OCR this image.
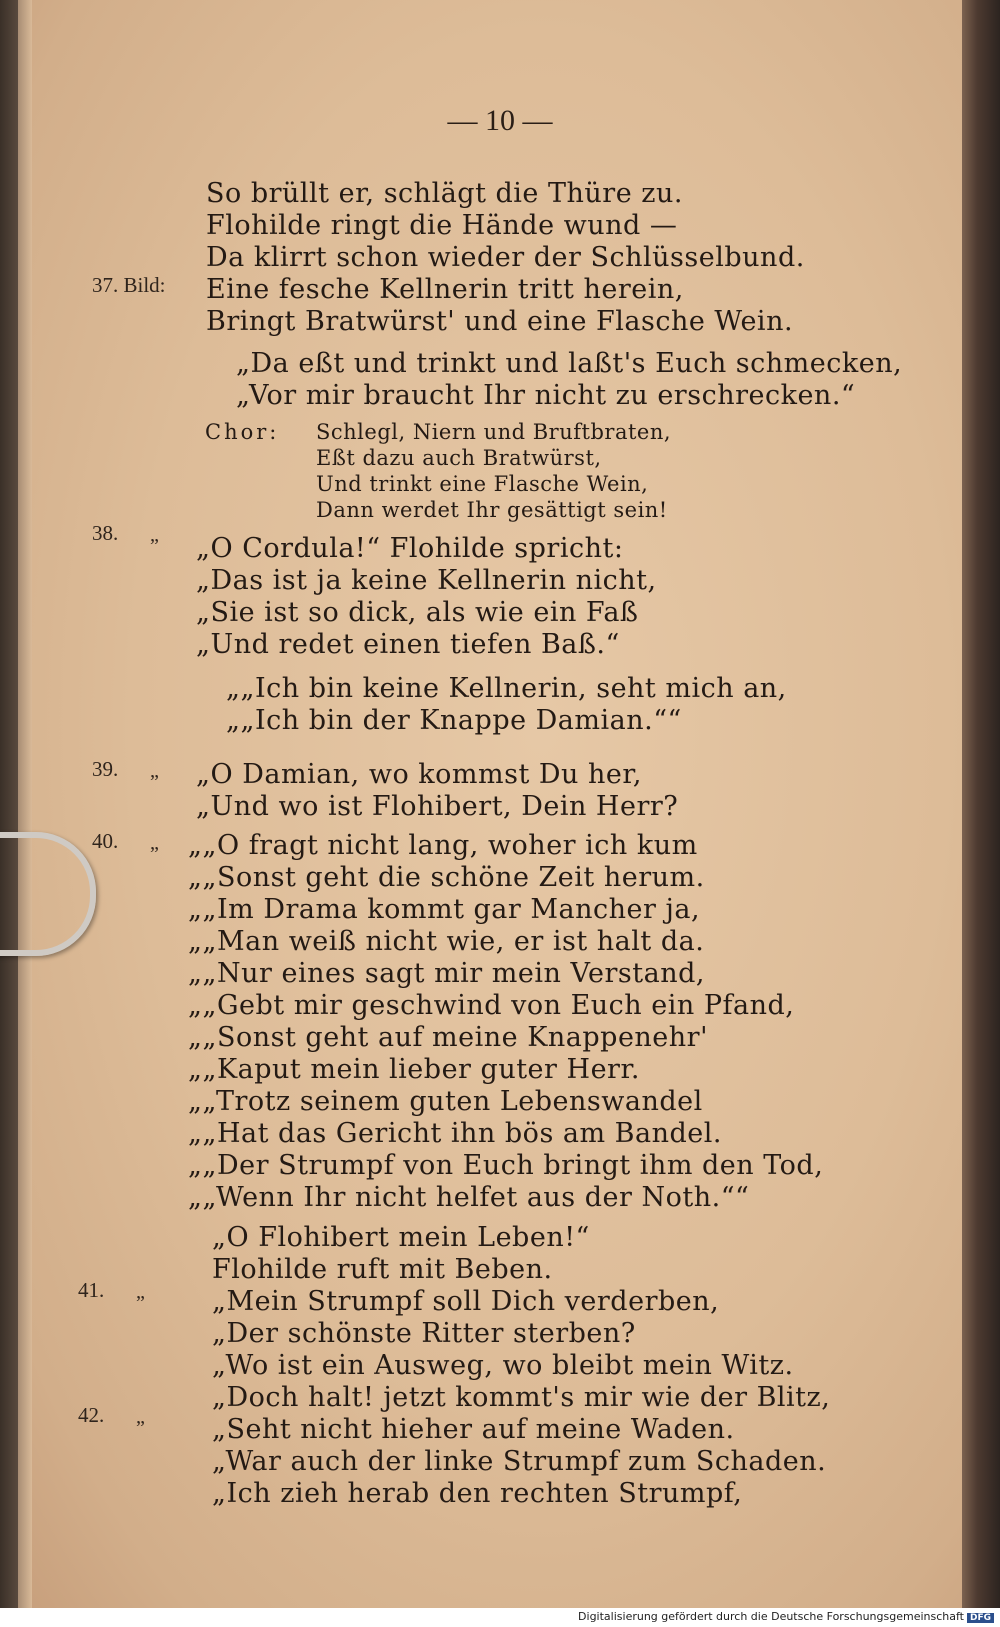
— 10 —
37. Bild:
38. „
39. „
40. „
41. „
42. „
Chor:
So brüllt er, schlägt die Thüre zu.
Flohilde ringt die Hände wund —
Da klirrt schon wieder der Schlüsselbund.
Eine fesche Kellnerin tritt herein,
Bringt Bratwürst' und eine Flasche Wein.
„Da eßt und trinkt und laßt's Euch schmecken,
„Vor mir braucht Ihr nicht zu erschrecken.“
Schlegl, Niern und Bruftbraten,
Eßt dazu auch Bratwürst,
Und trinkt eine Flasche Wein,
Dann werdet Ihr gesättigt sein!
„O Cordula!“ Flohilde spricht:
„Das ist ja keine Kellnerin nicht,
„Sie ist so dick, als wie ein Faß
„Und redet einen tiefen Baß.“
„„Ich bin keine Kellnerin, seht mich an,
„„Ich bin der Knappe Damian.““
„O Damian, wo kommst Du her,
„Und wo ist Flohibert, Dein Herr?
„„O fragt nicht lang, woher ich kum
„„Sonst geht die schöne Zeit herum.
„„Im Drama kommt gar Mancher ja,
„„Man weiß nicht wie, er ist halt da.
„„Nur eines sagt mir mein Verstand,
„„Gebt mir geschwind von Euch ein Pfand,
„„Sonst geht auf meine Knappenehr'
„„Kaput mein lieber guter Herr.
„„Trotz seinem guten Lebenswandel
„„Hat das Gericht ihn bös am Bandel.
„„Der Strumpf von Euch bringt ihm den Tod,
„„Wenn Ihr nicht helfet aus der Noth.““
„O Flohibert mein Leben!“
Flohilde ruft mit Beben.
„Mein Strumpf soll Dich verderben,
„Der schönste Ritter sterben?
„Wo ist ein Ausweg, wo bleibt mein Witz.
„Doch halt! jetzt kommt's mir wie der Blitz,
„Seht nicht hieher auf meine Waden.
„War auch der linke Strumpf zum Schaden.
„Ich zieh herab den rechten Strumpf,
Digitalisierung gefördert durch die Deutsche Forschungsgemeinschaft DFG
